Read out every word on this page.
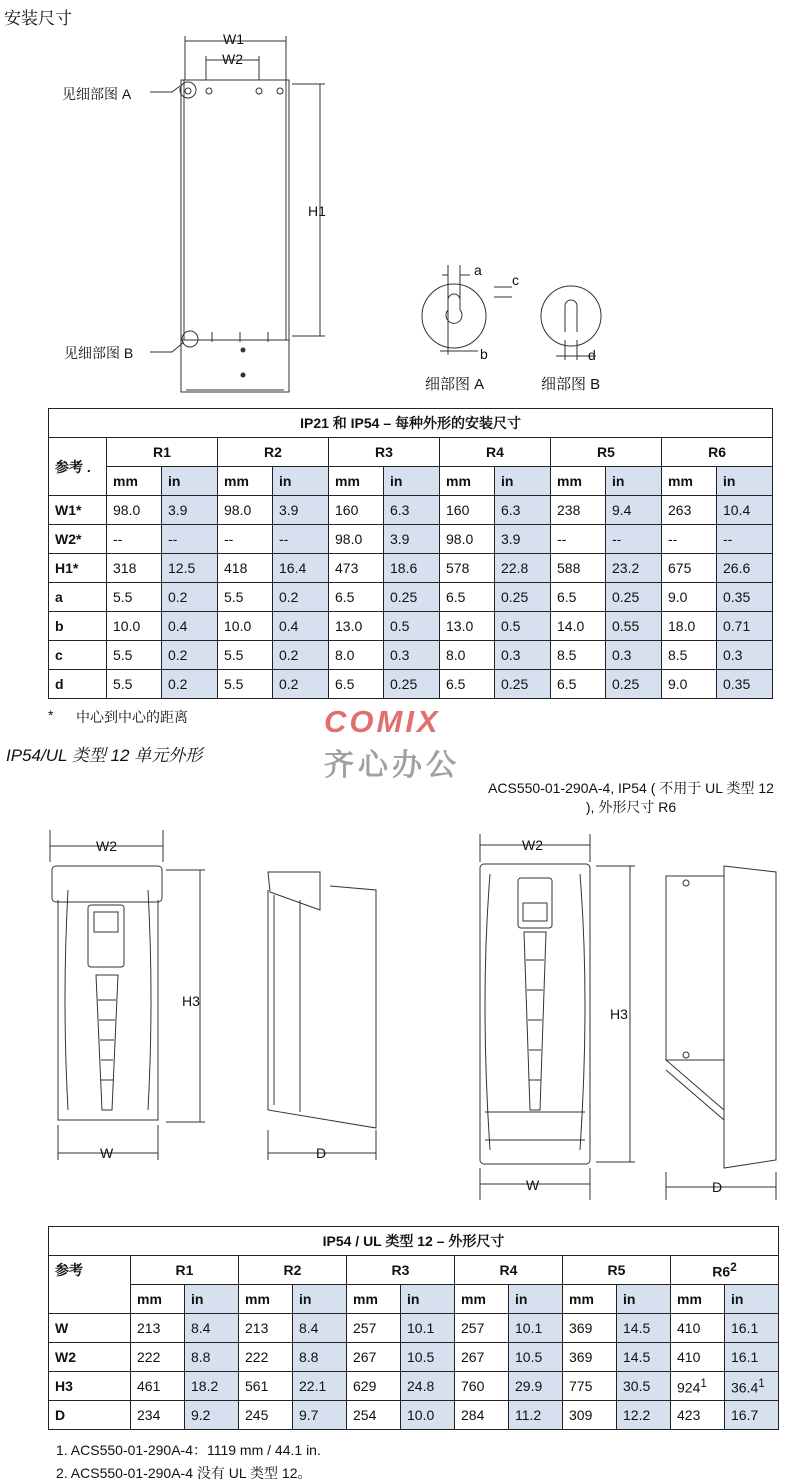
安装尺寸
W1
W2
H1
见细部图 A
见细部图 B
a
c
b	d
细部图 A	细部图 B
IP21 和 IP54 – 每种外形的安装尺寸												
参考 .	R1		R2		R3		R4		R5		R6	
	mm	in	mm	in	mm	in	mm	in	mm	in	mm	in
W1*	98.0	3.9	98.0	3.9	160	6.3	160	6.3	238	9.4	263	10.4
W2*	--	--	--	--	98.0	3.9	98.0	3.9	--	--	--	--
H1*	318	12.5	418	16.4	473	18.6	578	22.8	588	23.2	675	26.6
a	5.5	0.2	5.5	0.2	6.5	0.25	6.5	0.25	6.5	0.25	9.0	0.35
b	10.0	0.4	10.0	0.4	13.0	0.5	13.0	0.5	14.0	0.55	18.0	0.71
c	5.5	0.2	5.5	0.2	8.0	0.3	8.0	0.3	8.5	0.3	8.5	0.3
d	5.5	0.2	5.5	0.2	6.5	0.25	6.5	0.25	6.5	0.25	9.0	0.35
* 中心到中心的距离	COMIX
齐心办公
IP54/UL 类型 12 单元外形
ACS550-01-290A-4, IP54 ( 不用于 UL 类型 12 ), 外形尺寸 R6
W2
H3
W	D
W2
H3
W	D
IP54 / UL 类型 12 – 外形尺寸												
参考	R1		R2		R3		R4		R5		$R6^2$
	mm	in	mm	in	mm	in	mm	in	mm	in	mm	in
W	213	8.4	213	8.4	257	10.1	257	10.1	369	14.5	410	16.1
W2	222	8.8	222	8.8	267	10.5	267	10.5	369	14.5	410	16.1
H3	461	18.2	561	22.1	629	24.8	760	29.9	775	30.5	$924^1$	36.4$^1$
D	234	9.2	245	9.7	254	10.0	284	11.2	309	12.2	423	16.7
1. ACS550-01-290A-4：1119 mm / 44.1 in.
2. ACS550-01-290A-4 没有 UL 类型 12。
